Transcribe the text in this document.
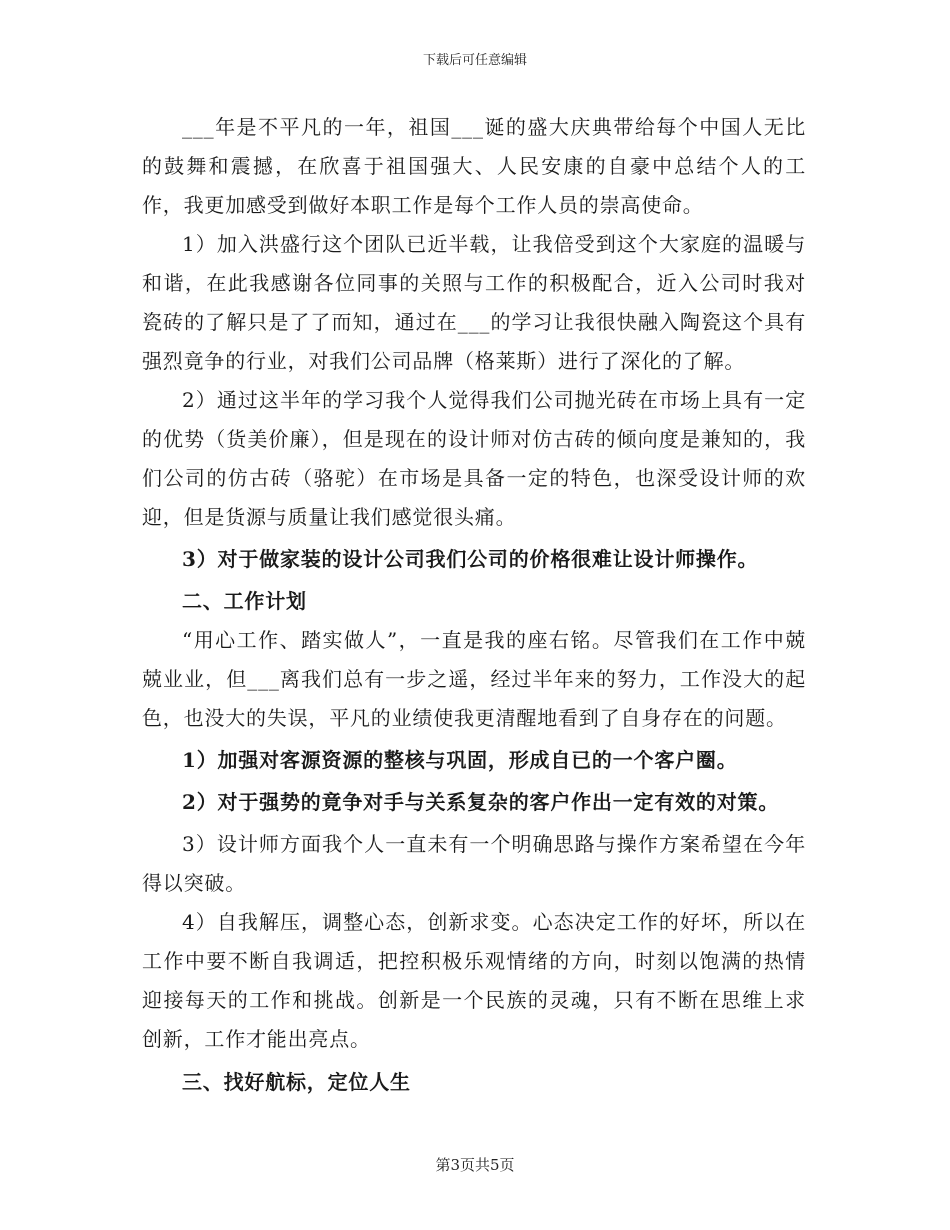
下载后可任意编辑

___年是不平凡的一年，祖国___诞的盛大庆典带给每个中国人无比的鼓舞和震撼，在欣喜于祖国强大、人民安康的自豪中总结个人的工作，我更加感受到做好本职工作是每个工作人员的崇高使命。

1）加入洪盛行这个团队已近半载，让我倍受到这个大家庭的温暖与和谐，在此我感谢各位同事的关照与工作的积极配合，近入公司时我对瓷砖的了解只是了了而知，通过在___的学习让我很快融入陶瓷这个具有强烈竟争的行业，对我们公司品牌（格莱斯）进行了深化的了解。

2）通过这半年的学习我个人觉得我们公司抛光砖在市场上具有一定的优势（货美价廉），但是现在的设计师对仿古砖的倾向度是兼知的，我们公司的仿古砖（骆驼）在市场是具备一定的特色，也深受设计师的欢迎，但是货源与质量让我们感觉很头痛。

3）对于做家装的设计公司我们公司的价格很难让设计师操作。

二、工作计划

“用心工作、踏实做人”，一直是我的座右铭。尽管我们在工作中兢兢业业，但___离我们总有一步之遥，经过半年来的努力，工作没大的起色，也没大的失误，平凡的业绩使我更清醒地看到了自身存在的问题。

1）加强对客源资源的整核与巩固，形成自已的一个客户圈。

2）对于强势的竟争对手与关系复杂的客户作出一定有效的对策。

3）设计师方面我个人一直未有一个明确思路与操作方案希望在今年得以突破。

4）自我解压，调整心态，创新求变。心态决定工作的好坏，所以在工作中要不断自我调适，把控积极乐观情绪的方向，时刻以饱满的热情迎接每天的工作和挑战。创新是一个民族的灵魂，只有不断在思维上求创新，工作才能出亮点。

三、找好航标，定位人生

第3页共5页
